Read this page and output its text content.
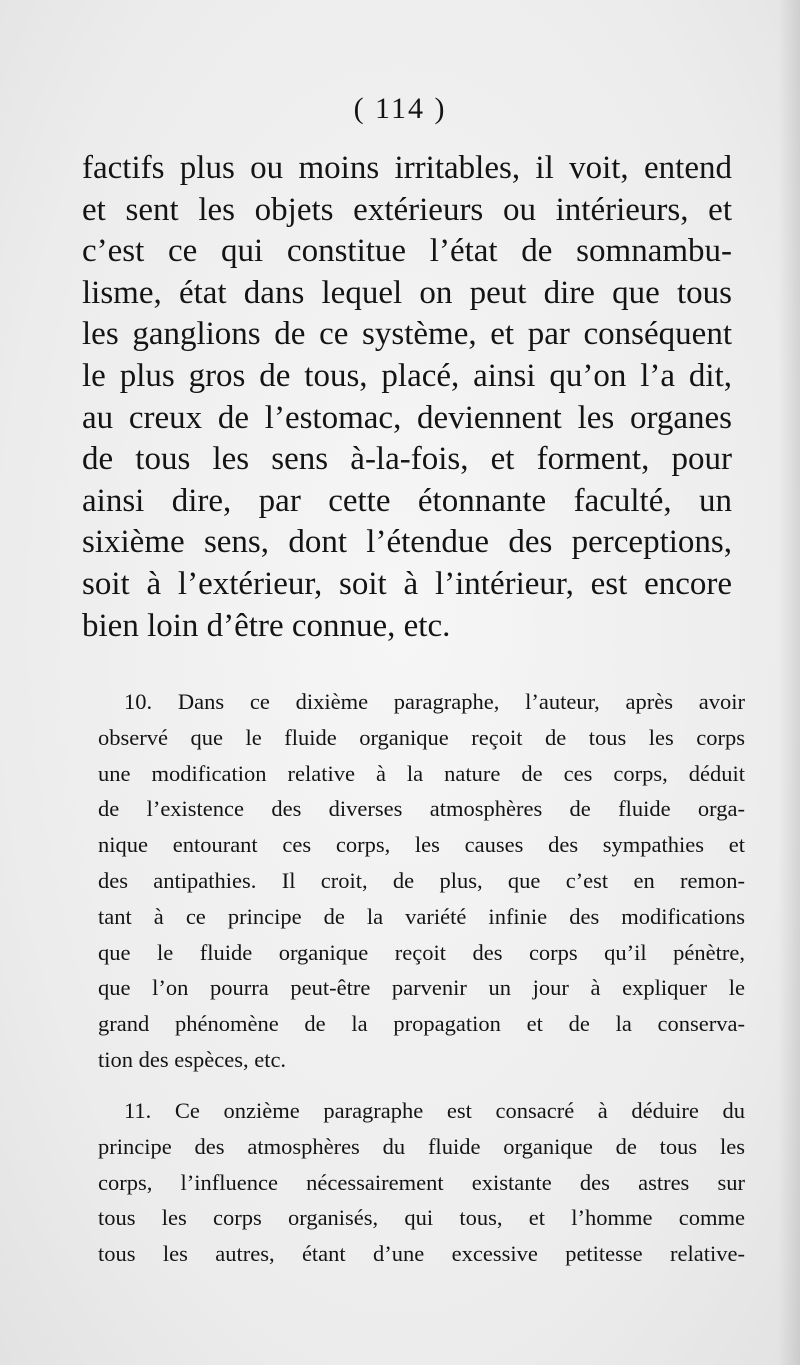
( 114 )
factifs plus ou moins irritables, il voit, entend
et sent les objets extérieurs ou intérieurs, et
c’est ce qui constitue l’état de somnambu-
lisme, état dans lequel on peut dire que tous
les ganglions de ce système, et par conséquent
le plus gros de tous, placé, ainsi qu’on l’a dit,
au creux de l’estomac, deviennent les organes
de tous les sens à-la-fois, et forment, pour
ainsi dire, par cette étonnante faculté, un
sixième sens, dont l’étendue des perceptions,
soit à l’extérieur, soit à l’intérieur, est encore
bien loin d’être connue, etc.
10. Dans ce dixième paragraphe, l’auteur, après avoir
observé que le fluide organique reçoit de tous les corps
une modification relative à la nature de ces corps, déduit
de l’existence des diverses atmosphères de fluide orga-
nique entourant ces corps, les causes des sympathies et
des antipathies. Il croit, de plus, que c’est en remon-
tant à ce principe de la variété infinie des modifications
que le fluide organique reçoit des corps qu’il pénètre,
que l’on pourra peut-être parvenir un jour à expliquer le
grand phénomène de la propagation et de la conserva-
tion des espèces, etc.
11. Ce onzième paragraphe est consacré à déduire du
principe des atmosphères du fluide organique de tous les
corps, l’influence nécessairement existante des astres sur
tous les corps organisés, qui tous, et l’homme comme
tous les autres, étant d’une excessive petitesse relative-
